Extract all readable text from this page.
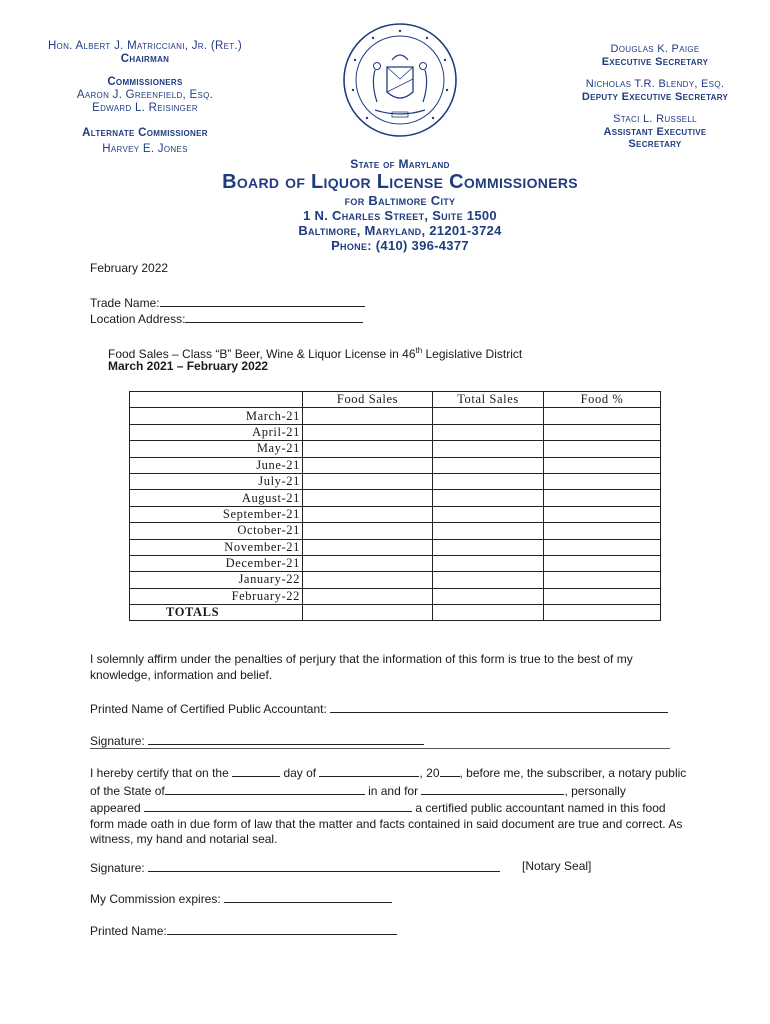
Hon. Albert J. Matricciani, Jr. (Ret.)
Chairman
Commissioners
Aaron J. Greenfield, Esq.
Edward L. Reisinger
Alternate Commissioner
Harvey E. Jones
Douglas K. Paige
Executive Secretary
Nicholas T.R. Blendy, Esq.
Deputy Executive Secretary
Staci L. Russell
Assistant Executive
Secretary
State of Maryland
Board of Liquor License Commissioners
for Baltimore City
1 N. Charles Street, Suite 1500
Baltimore, Maryland, 21201-3724
Phone: (410) 396-4377
February 2022
Trade Name:
Location Address:
Food Sales – Class “B” Beer, Wine & Liquor License in 46th Legislative District
March 2021 – February 2022
	Food Sales	Total Sales	Food %
March-21			
April-21			
May-21			
June-21			
July-21			
August-21			
September-21			
October-21			
November-21			
December-21			
January-22			
February-22			
TOTALS			
I solemnly affirm under the penalties of perjury that the information of this form is true to the best of my
knowledge, information and belief.
Printed Name of Certified Public Accountant:
Signature:
I hereby certify that on the	day of	, 20 , before me, the subscriber, a notary public
of the State of	in and for	, personally
appeared	a certified public accountant named in this food
form made oath in due form of law that the matter and facts contained in said document are true and correct. As
witness, my hand and notarial seal.
Signature:	[Notary Seal]
My Commission expires:
Printed Name:
